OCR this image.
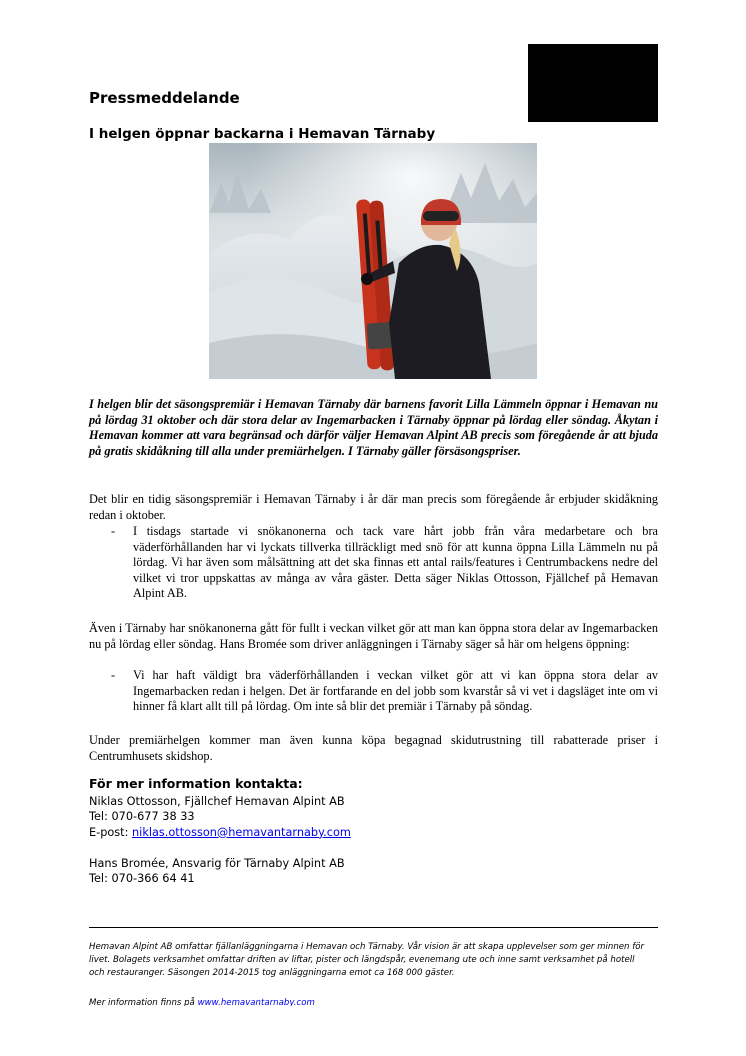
Pressmeddelande
I helgen öppnar backarna i Hemavan Tärnaby
I helgen blir det säsongspremiär i Hemavan Tärnaby där barnens favorit Lilla Lämmeln öppnar i Hemavan nu på lördag 31 oktober och där stora delar av Ingemarbacken i Tärnaby öppnar på lördag eller söndag. Åkytan i Hemavan kommer att vara begränsad och därför väljer Hemavan Alpint AB precis som föregående år att bjuda på gratis skidåkning till alla under premiärhelgen. I Tärnaby gäller försäsongspriser.
Det blir en tidig säsongspremiär i Hemavan Tärnaby i år där man precis som föregående år erbjuder skidåkning redan i oktober.
- I tisdags startade vi snökanonerna och tack vare hårt jobb från våra medarbetare och bra väderförhållanden har vi lyckats tillverka tillräckligt med snö för att kunna öppna Lilla Lämmeln nu på lördag. Vi har även som målsättning att det ska finnas ett antal rails/features i Centrumbackens nedre del vilket vi tror uppskattas av många av våra gäster. Detta säger Niklas Ottosson, Fjällchef på Hemavan Alpint AB.
Även i Tärnaby har snökanonerna gått för fullt i veckan vilket gör att man kan öppna stora delar av Ingemarbacken nu på lördag eller söndag. Hans Bromée som driver anläggningen i Tärnaby säger så här om helgens öppning:
- Vi har haft väldigt bra väderförhållanden i veckan vilket gör att vi kan öppna stora delar av Ingemarbacken redan i helgen. Det är fortfarande en del jobb som kvarstår så vi vet i dagsläget inte om vi hinner få klart allt till på lördag. Om inte så blir det premiär i Tärnaby på söndag.
Under premiärhelgen kommer man även kunna köpa begagnad skidutrustning till rabatterade priser i Centrumhusets skidshop.
För mer information kontakta:
Niklas Ottosson, Fjällchef Hemavan Alpint AB
Tel: 070-677 38 33
E-post: niklas.ottosson@hemavantarnaby.com
Hans Bromée, Ansvarig för Tärnaby Alpint AB
Tel: 070-366 64 41
Hemavan Alpint AB omfattar fjällanläggningarna i Hemavan och Tärnaby. Vår vision är att skapa upplevelser som ger minnen för livet. Bolagets verksamhet omfattar driften av liftar, pister och längdspår, evenemang ute och inne samt verksamhet på hotell och restauranger. Säsongen 2014-2015 tog anläggningarna emot ca 168 000 gäster.
Mer information finns på www.hemavantarnaby.com
